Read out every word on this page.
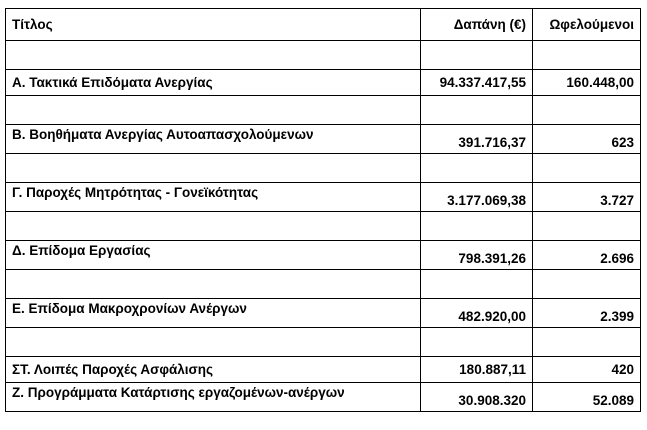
Τίτλος	Δαπάνη (€)	Ωφελούμενοι

Α. Τακτικά Επιδόματα Ανεργίας	94.337.417,55	160.448,00

Β. Βοηθήματα Ανεργίας Αυτοαπασχολούμενων	391.716,37	623

Γ. Παροχές Μητρότητας - Γονεϊκότητας	3.177.069,38	3.727

Δ. Επίδομα Εργασίας	798.391,26	2.696

Ε. Επίδομα Μακροχρονίων Ανέργων	482.920,00	2.399

ΣΤ. Λοιπές Παροχές Ασφάλισης	180.887,11	420
Ζ. Προγράμματα Κατάρτισης εργαζομένων-ανέργων	30.908.320	52.089
